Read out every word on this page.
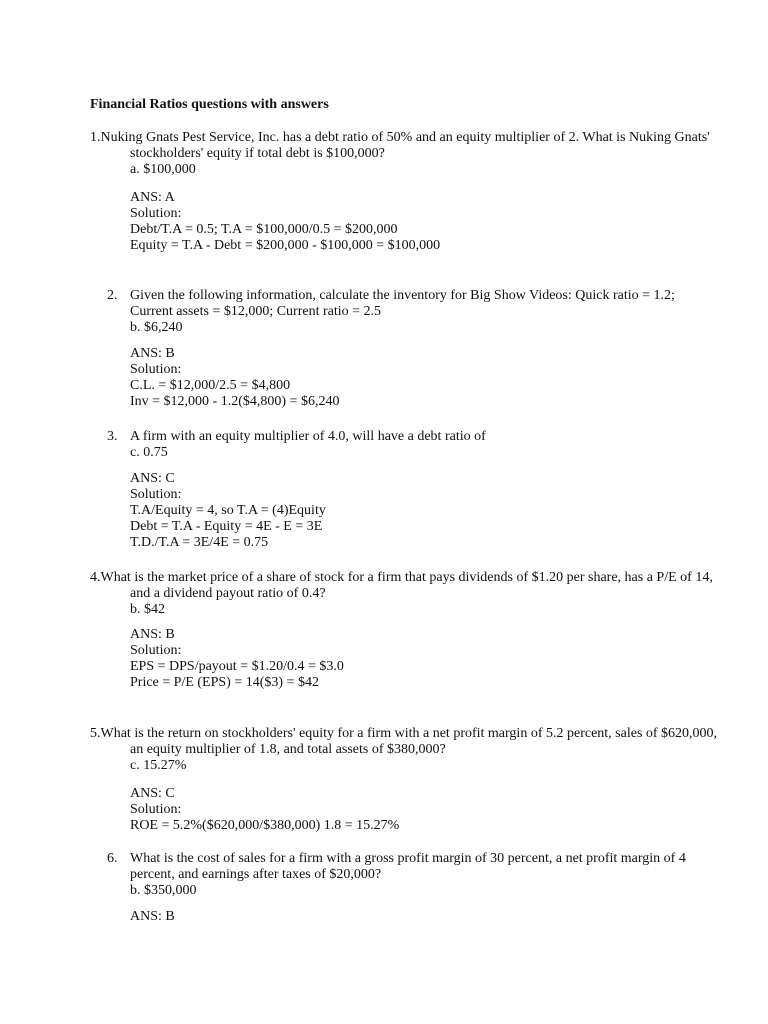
Financial Ratios questions with answers
1.Nuking Gnats Pest Service, Inc. has a debt ratio of 50% and an equity multiplier of 2. What is Nuking Gnats'
stockholders' equity if total debt is $100,000?
a. $100,000
ANS: A
Solution:
Debt/T.A = 0.5; T.A = $100,000/0.5 = $200,000
Equity = T.A - Debt = $200,000 - $100,000 = $100,000
2. Given the following information, calculate the inventory for Big Show Videos: Quick ratio = 1.2;
Current assets = $12,000; Current ratio = 2.5
b. $6,240
ANS: B
Solution:
C.L. = $12,000/2.5 = $4,800
Inv = $12,000 - 1.2($4,800) = $6,240
3. A firm with an equity multiplier of 4.0, will have a debt ratio of
c. 0.75
ANS: C
Solution:
T.A/Equity = 4, so T.A = (4)Equity
Debt = T.A - Equity = 4E - E = 3E
T.D./T.A = 3E/4E = 0.75
4.What is the market price of a share of stock for a firm that pays dividends of $1.20 per share, has a P/E of 14,
and a dividend payout ratio of 0.4?
b. $42
ANS: B
Solution:
EPS = DPS/payout = $1.20/0.4 = $3.0
Price = P/E (EPS) = 14($3) = $42
5.What is the return on stockholders' equity for a firm with a net profit margin of 5.2 percent, sales of $620,000,
an equity multiplier of 1.8, and total assets of $380,000?
c. 15.27%
ANS: C
Solution:
ROE = 5.2%($620,000/$380,000) 1.8 = 15.27%
6. What is the cost of sales for a firm with a gross profit margin of 30 percent, a net profit margin of 4
percent, and earnings after taxes of $20,000?
b. $350,000
ANS: B
